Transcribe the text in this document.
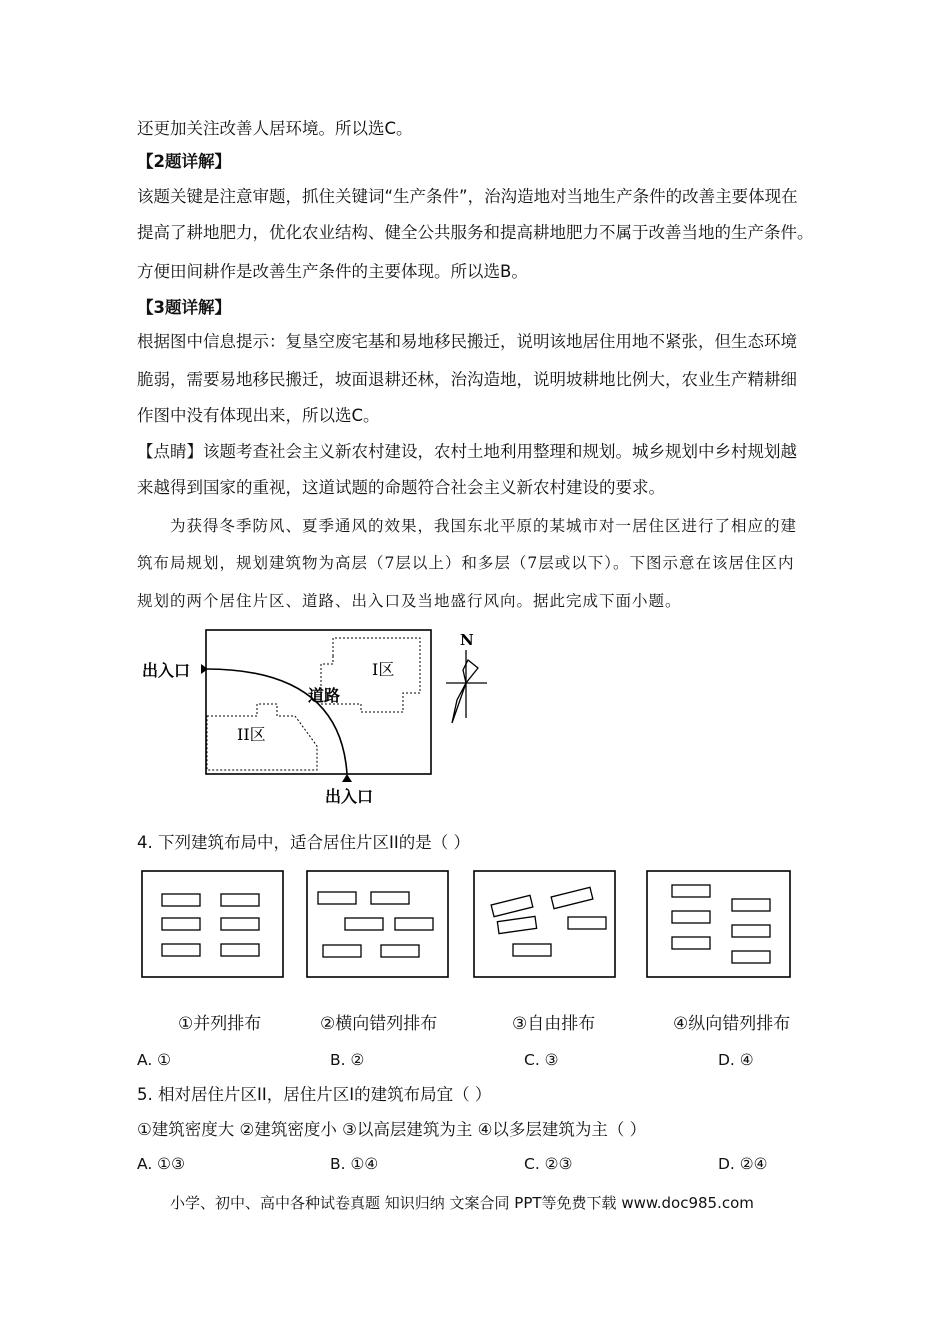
还更加关注改善人居环境。所以选C。
【2题详解】
该题关键是注意审题，抓住关键词“生产条件”，治沟造地对当地生产条件的改善主要体现在
提高了耕地肥力，优化农业结构、健全公共服务和提高耕地肥力不属于改善当地的生产条件。
方便田间耕作是改善生产条件的主要体现。所以选B。
【3题详解】
根据图中信息提示：复垦空废宅基和易地移民搬迁，说明该地居住用地不紧张，但生态环境
脆弱，需要易地移民搬迁，坡面退耕还林，治沟造地，说明坡耕地比例大，农业生产精耕细
作图中没有体现出来，所以选C。
【点睛】该题考查社会主义新农村建设，农村土地利用整理和规划。城乡规划中乡村规划越
来越得到国家的重视，这道试题的命题符合社会主义新农村建设的要求。
为获得冬季防风、夏季通风的效果，我国东北平原的某城市对一居住区进行了相应的建
筑布局规划，规划建筑物为高层（7层以上）和多层（7层或以下）。下图示意在该居住区内
规划的两个居住片区、道路、出入口及当地盛行风向。据此完成下面小题。
出入口
出入口
道路
I区
II区
N
4. 下列建筑布局中，适合居住片区II的是（ ）
①并列排布	②横向错列排布	③自由排布	④纵向错列排布
A. ①	B. ②	C. ③	D. ④
5. 相对居住片区II，居住片区I的建筑布局宜（ ）
①建筑密度大 ②建筑密度小 ③以高层建筑为主 ④以多层建筑为主（ ）
A. ①③	B. ①④	C. ②③	D. ②④
小学、初中、高中各种试卷真题 知识归纳 文案合同 PPT等免费下载 www.doc985.com
